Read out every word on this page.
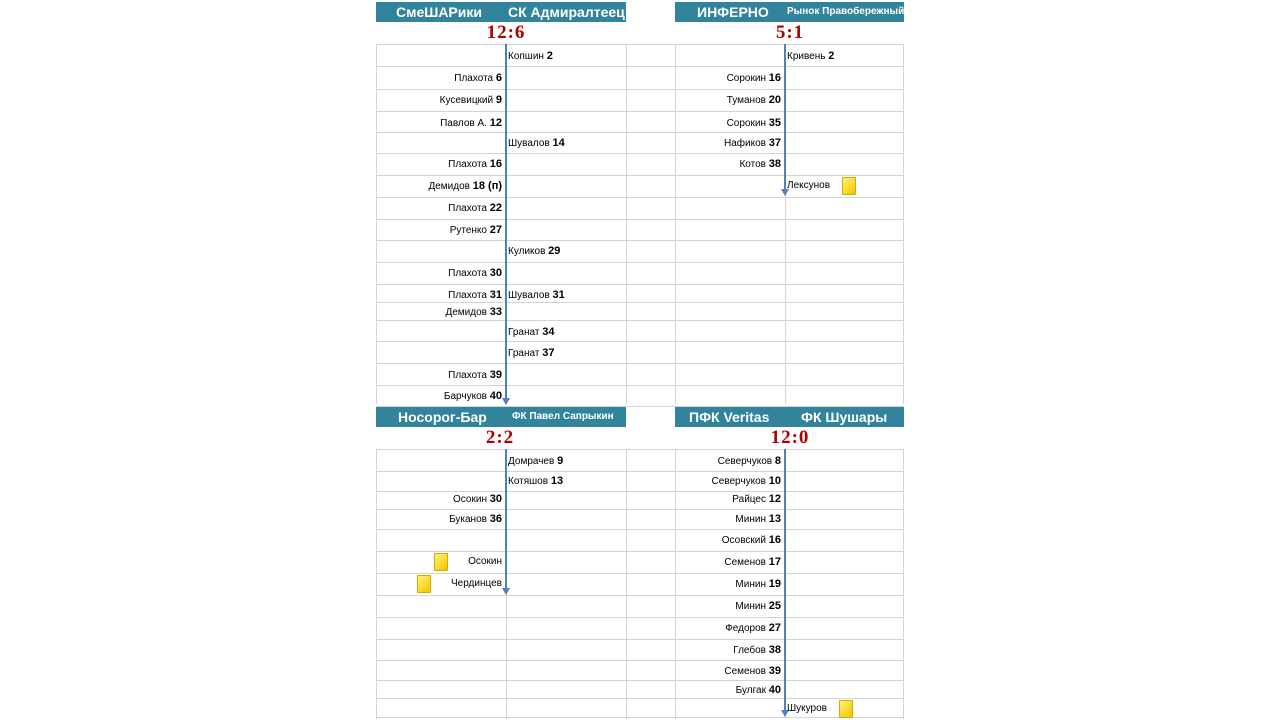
СмеШАРики СК Адмиралтеец
12:6
Копшин 2
Плахота 6
Кусевицкий 9
Павлов А. 12
Шувалов 14
Плахота 16
Демидов 18 (п)
Плахота 22
Рутенко 27
Куликов 29
Плахота 30
Плахота 31 Шувалов 31
Демидов 33
Гранат 34
Гранат 37
Плахота 39
Барчуков 40
ИНФЕРНО Рынок Правобережный
5:1
Кривень 2
Сорокин 16
Туманов 20
Сорокин 35
Нафиков 37
Котов 38
Лексунов
Носорог-Бар	ФК Павел Сапрыкин
2:2
Домрачев 9
Котяшов 13
Осокин 30
Буканов 36
Осокин
Чердинцев
ПФК Veritas ФК Шушары
12:0
Северчуков 8
Северчуков 10
Райцес 12
Минин 13
Осовский 16
Семенов 17
Минин 19
Минин 25
Федоров 27
Глебов 38
Семенов 39
Булгак 40
Шукуров
